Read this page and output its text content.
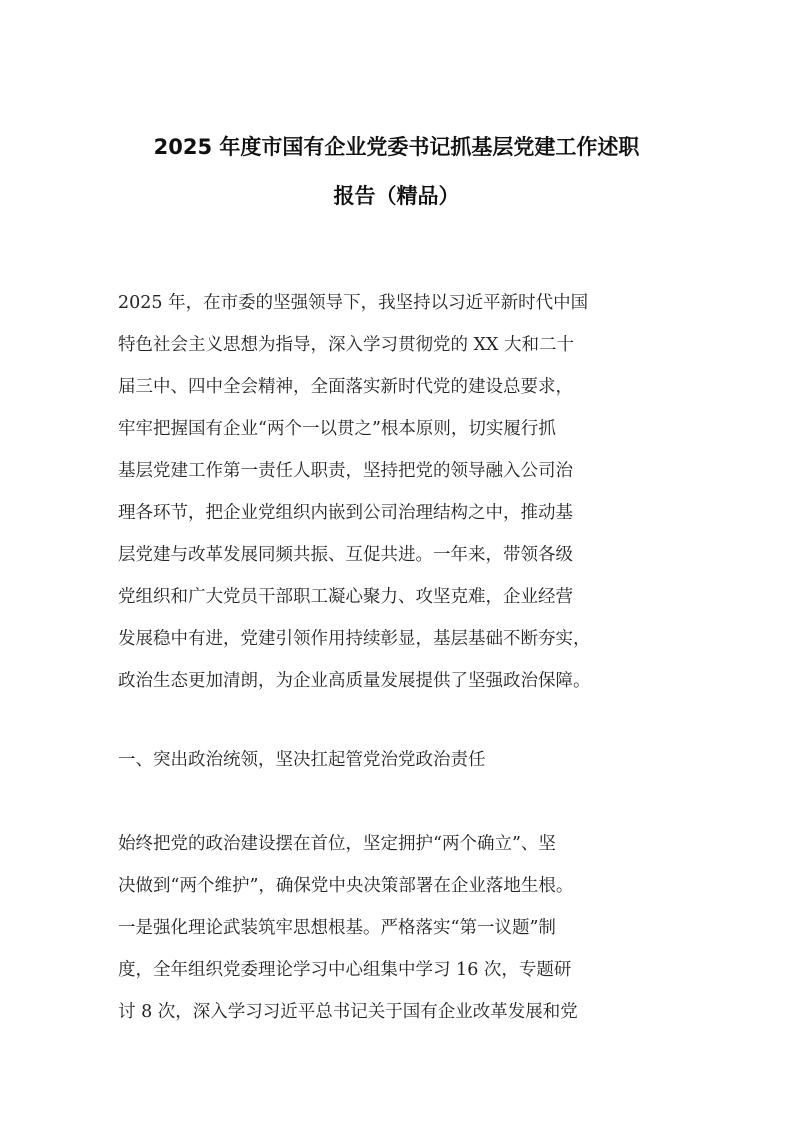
2025 年度市国有企业党委书记抓基层党建工作述职
报告（精品）
2025 年，在市委的坚强领导下，我坚持以习近平新时代中国
特色社会主义思想为指导，深入学习贯彻党的 XX 大和二十
届三中、四中全会精神，全面落实新时代党的建设总要求，
牢牢把握国有企业“两个一以贯之”根本原则，切实履行抓
基层党建工作第一责任人职责，坚持把党的领导融入公司治
理各环节，把企业党组织内嵌到公司治理结构之中，推动基
层党建与改革发展同频共振、互促共进。一年来，带领各级
党组织和广大党员干部职工凝心聚力、攻坚克难，企业经营
发展稳中有进，党建引领作用持续彰显，基层基础不断夯实，
政治生态更加清朗，为企业高质量发展提供了坚强政治保障。
一、突出政治统领，坚决扛起管党治党政治责任
始终把党的政治建设摆在首位，坚定拥护“两个确立”、坚
决做到“两个维护”，确保党中央决策部署在企业落地生根。
一是强化理论武装筑牢思想根基。严格落实“第一议题”制
度，全年组织党委理论学习中心组集中学习 16 次，专题研
讨 8 次，深入学习习近平总书记关于国有企业改革发展和党
